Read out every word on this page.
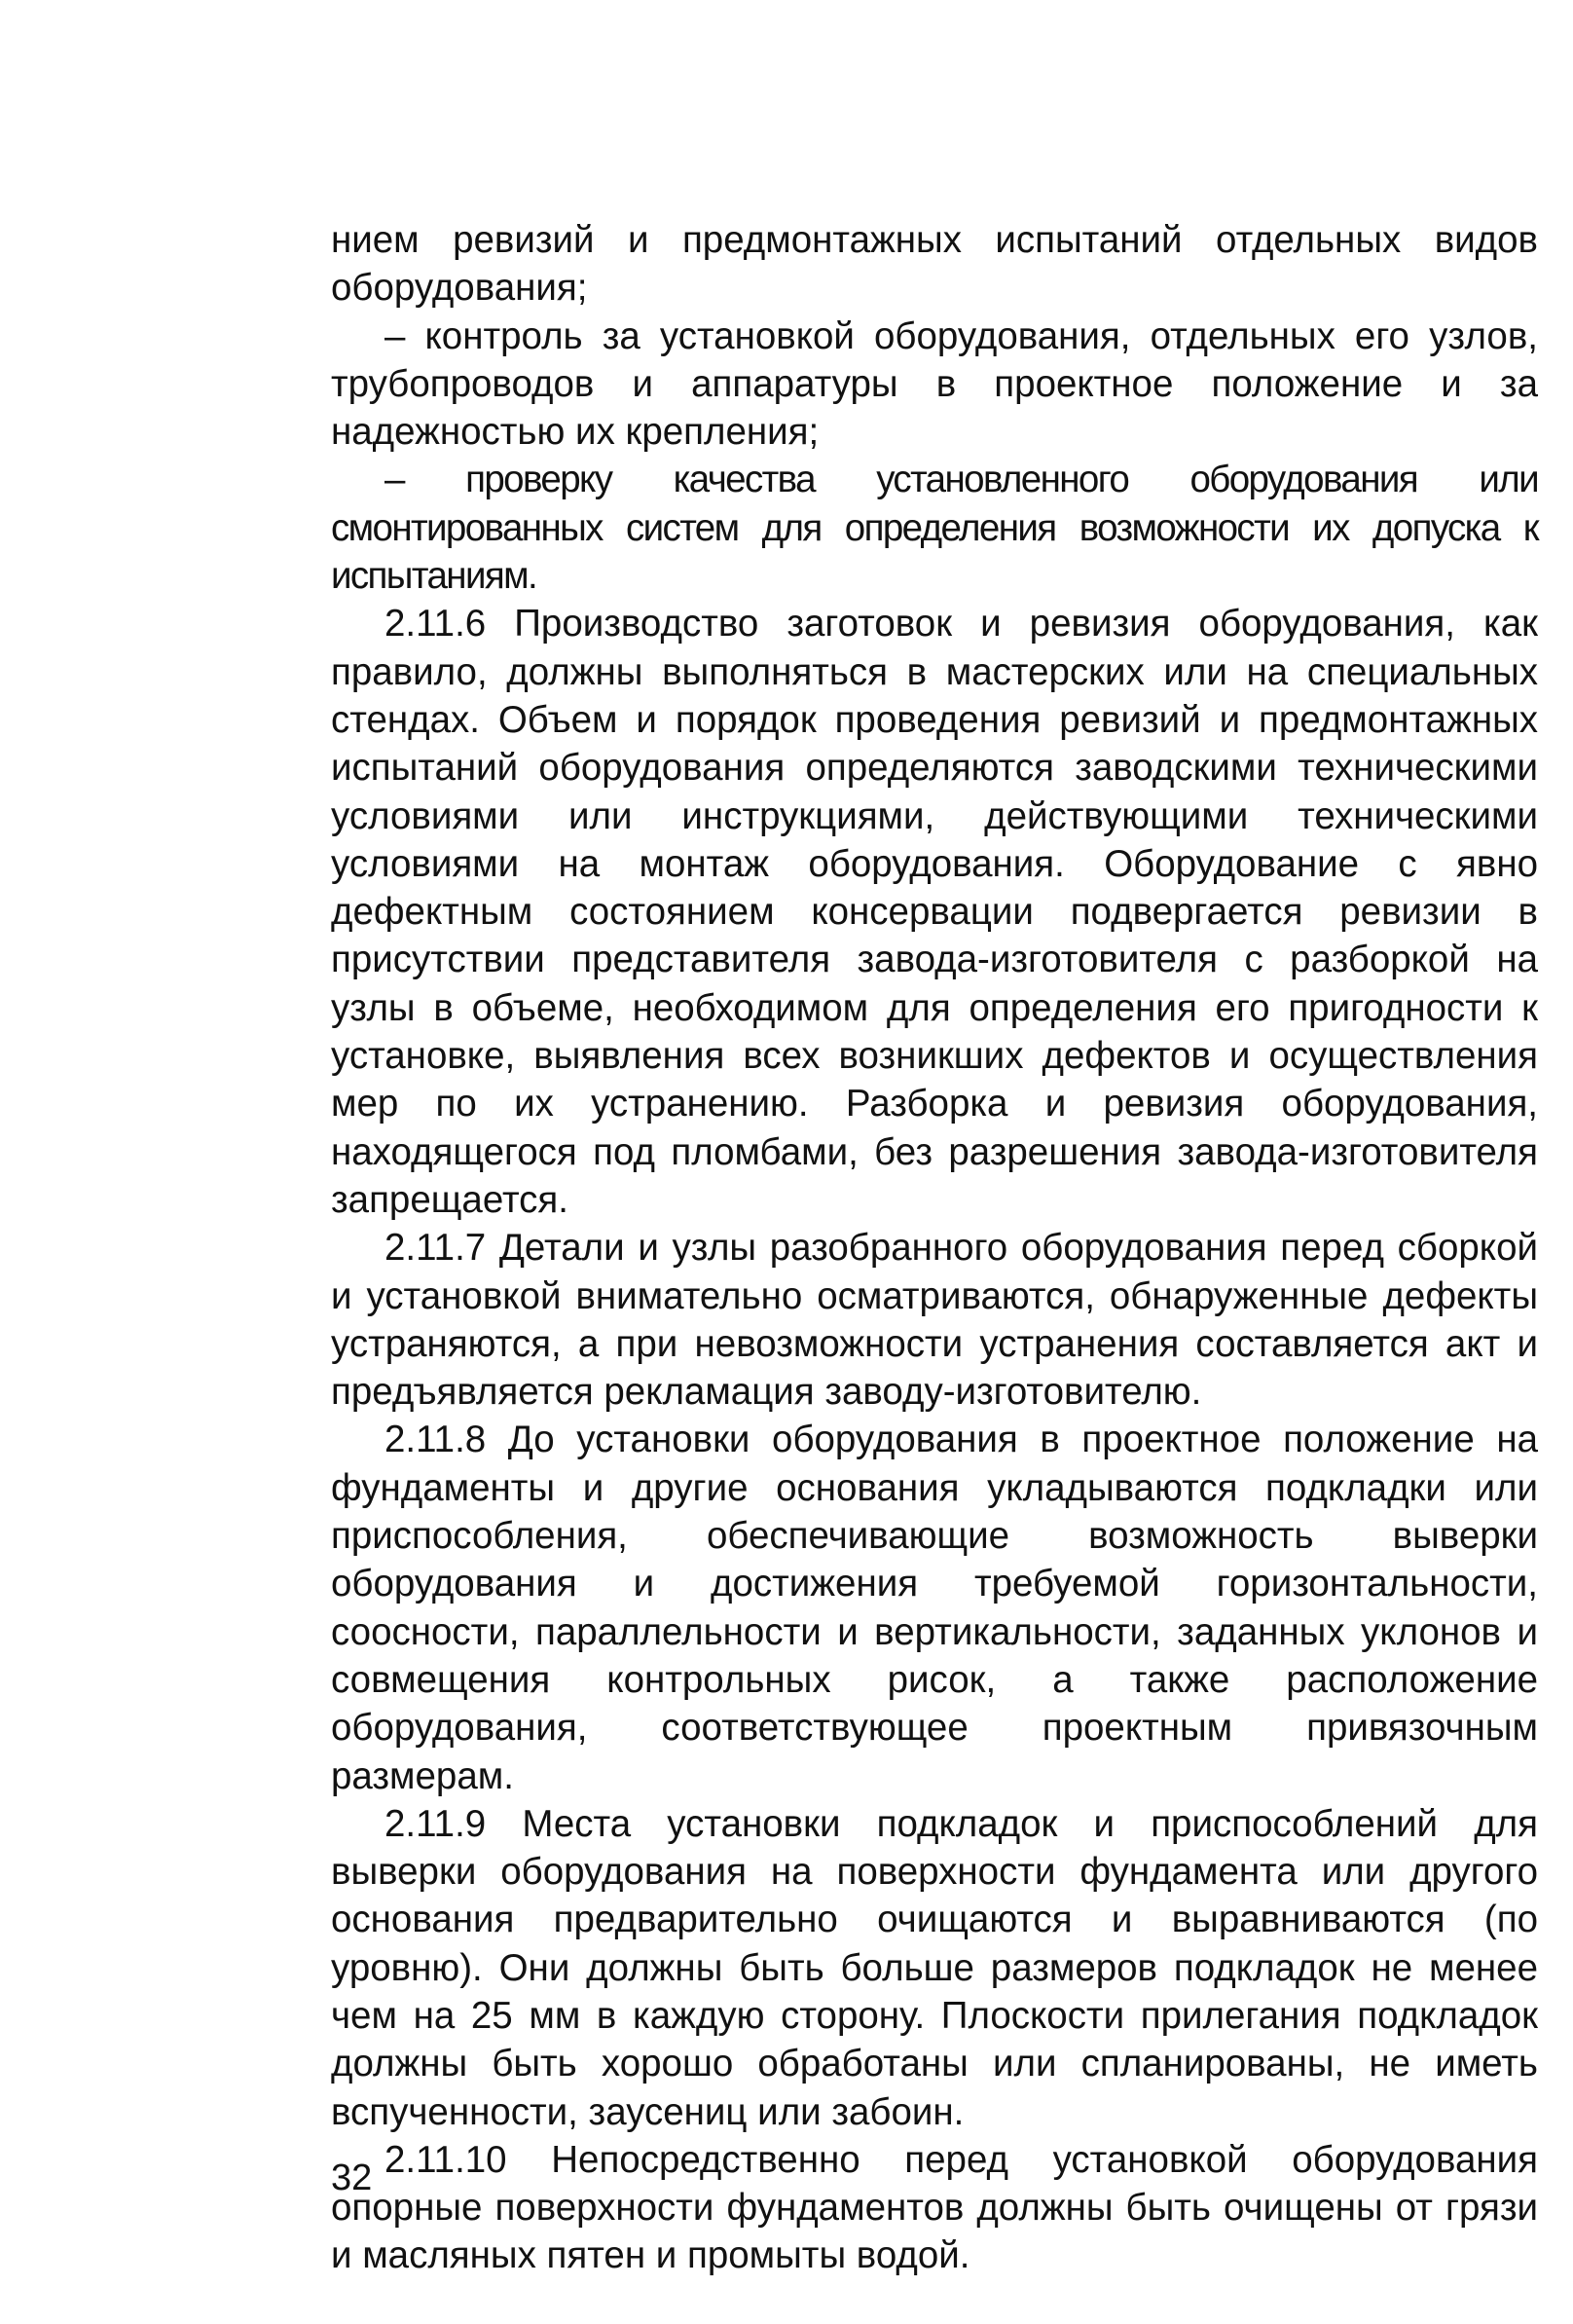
нием ревизий и предмонтажных испытаний отдельных видов оборудования;

– контроль за установкой оборудования, отдельных его узлов, трубопроводов и аппаратуры в проектное положение и за надежностью их крепления;

– проверку качества установленного оборудования или смонтированных систем для определения возможности их допуска к испытаниям.

2.11.6 Производство заготовок и ревизия оборудования, как правило, должны выполняться в мастерских или на специальных стендах. Объем и порядок проведения ревизий и предмонтажных испытаний оборудования определяются заводскими техническими условиями или инструкциями, действующими техническими условиями на монтаж оборудования. Оборудование с явно дефектным состоянием консервации подвергается ревизии в присутствии представителя завода-изготовителя с разборкой на узлы в объеме, необходимом для определения его пригодности к установке, выявления всех возникших дефектов и осуществления мер по их устранению. Разборка и ревизия оборудования, находящегося под пломбами, без разрешения завода-изготовителя запрещается.

2.11.7 Детали и узлы разобранного оборудования перед сборкой и установкой внимательно осматриваются, обнаруженные дефекты устраняются, а при невозможности устранения составляется акт и предъявляется рекламация заводу-изготовителю.

2.11.8 До установки оборудования в проектное положение на фундаменты и другие основания укладываются подкладки или приспособления, обеспечивающие возможность выверки оборудования и достижения требуемой горизонтальности, соосности, параллельности и вертикальности, заданных уклонов и совмещения контрольных рисок, а также расположение оборудования, соответствующее проектным привязочным размерам.

2.11.9 Места установки подкладок и приспособлений для выверки оборудования на поверхности фундамента или другого основания предварительно очищаются и выравниваются (по уровню). Они должны быть больше размеров подкладок не менее чем на 25 мм в каждую сторону. Плоскости прилегания подкладок должны быть хорошо обработаны или спланированы, не иметь вспученности, заусениц или забоин.

2.11.10 Непосредственно перед установкой оборудования опорные поверхности фундаментов должны быть очищены от грязи и масляных пятен и промыты водой.

32
